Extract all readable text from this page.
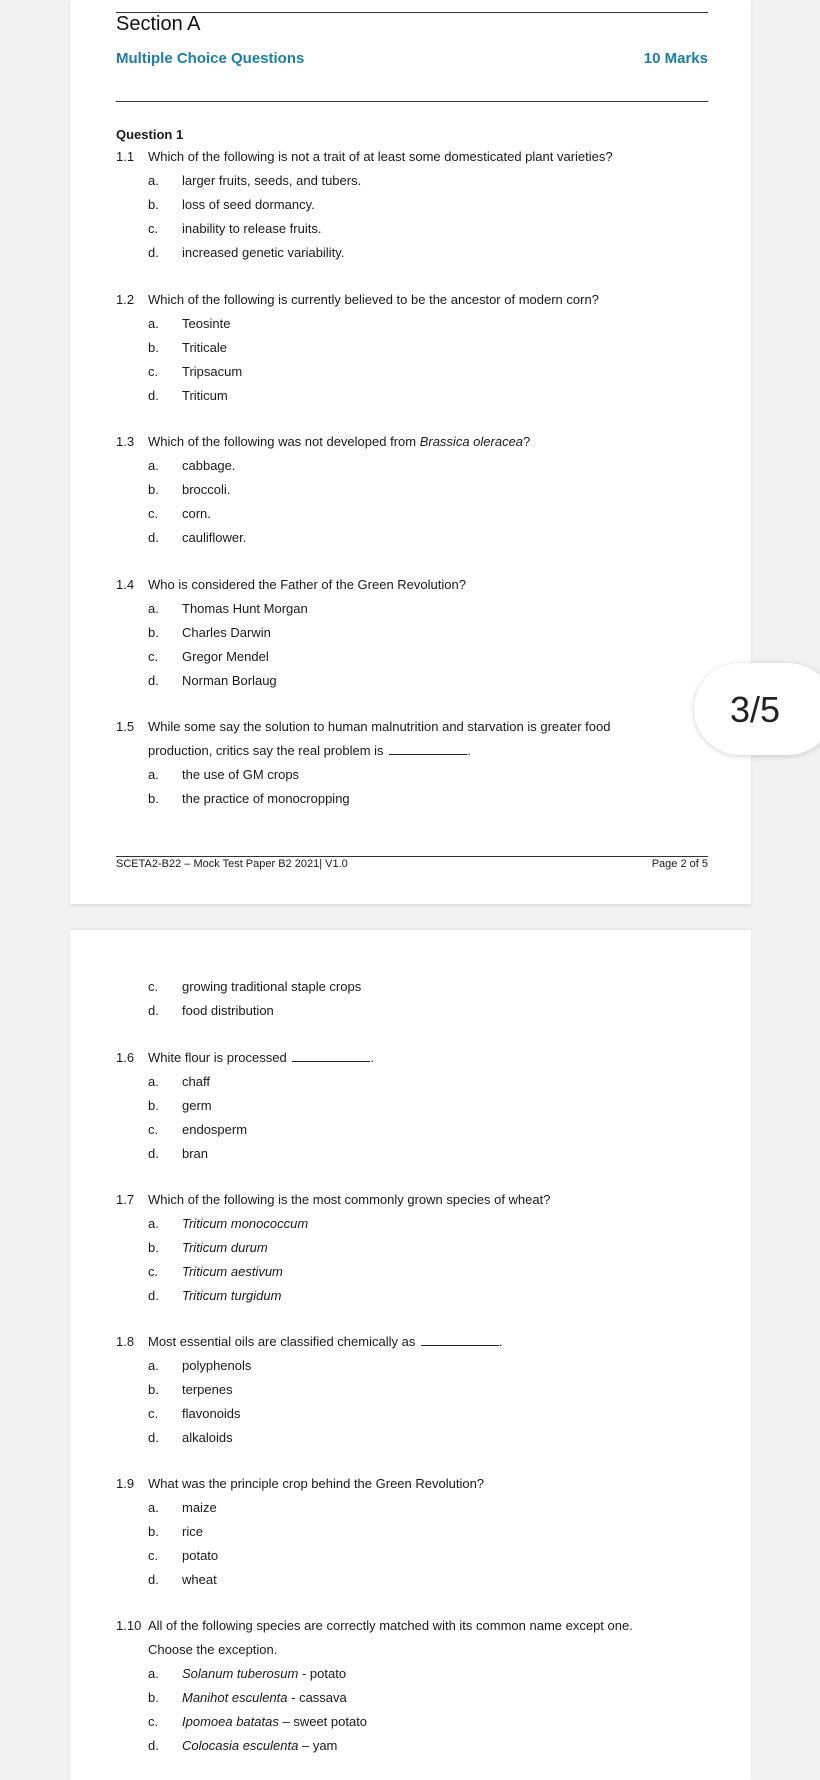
Section A
Multiple Choice Questions	10 Marks
Question 1
1.1 Which of the following is not a trait of at least some domesticated plant varieties?
a. larger fruits, seeds, and tubers.
b. loss of seed dormancy.
c. inability to release fruits.
d. increased genetic variability.
1.2 Which of the following is currently believed to be the ancestor of modern corn?
a. Teosinte
b. Triticale
c. Tripsacum
d. Triticum
1.3 Which of the following was not developed from Brassica oleracea?
a. cabbage.
b. broccoli.
c. corn.
d. cauliflower.
1.4 Who is considered the Father of the Green Revolution?
a. Thomas Hunt Morgan
b. Charles Darwin
c. Gregor Mendel
d. Norman Borlaug
1.5 While some say the solution to human malnutrition and starvation is greater food
production, critics say the real problem is	.
a. the use of GM crops
b. the practice of monocropping
SCETA2-B22 – Mock Test Paper B2 2021| V1.0	Page 2 of 5
c. growing traditional staple crops
d. food distribution
1.6 White flour is processed	.
a. chaff
b. germ
c. endosperm
d. bran
1.7 Which of the following is the most commonly grown species of wheat?
a. Triticum monococcum
b. Triticum durum
c. Triticum aestivum
d. Triticum turgidum
1.8 Most essential oils are classified chemically as	.
a. polyphenols
b. terpenes
c. flavonoids
d. alkaloids
1.9 What was the principle crop behind the Green Revolution?
a. maize
b. rice
c. potato
d. wheat
1.10 All of the following species are correctly matched with its common name except one.
Choose the exception.
a. Solanum tuberosum - potato
b. Manihot esculenta - cassava
c. Ipomoea batatas – sweet potato
d. Colocasia esculenta – yam
3/5
